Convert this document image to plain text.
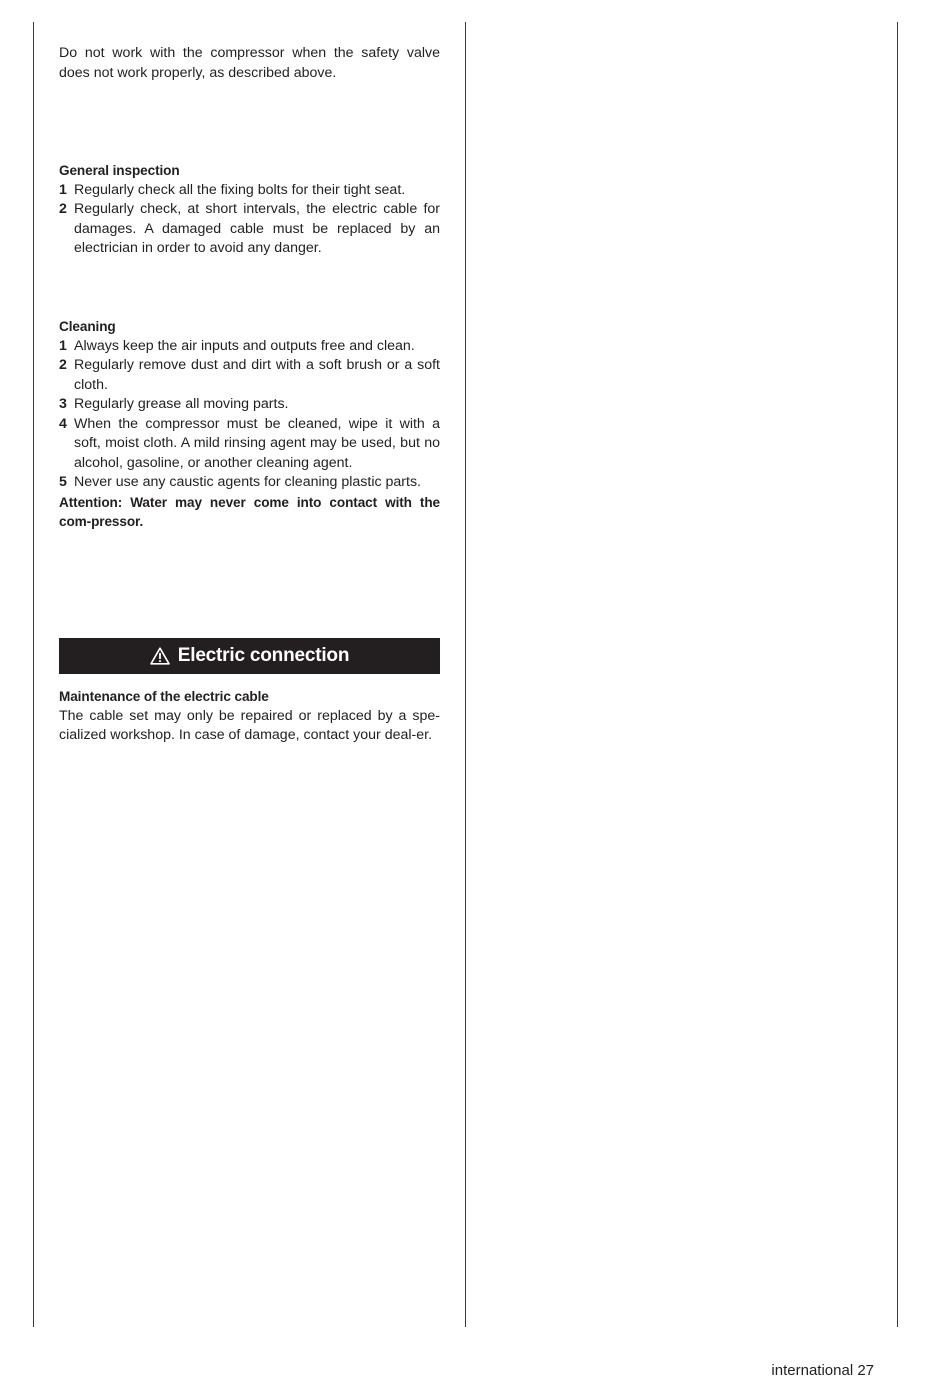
Do not work with the compressor when the safety valve does not work properly, as described above.

General inspection

1 Regularly check all the fixing bolts for their tight seat.
2 Regularly check, at short intervals, the electric cable for damages. A damaged cable must be replaced by an electrician in order to avoid any danger.

Cleaning

1 Always keep the air inputs and outputs free and clean.
2 Regularly remove dust and dirt with a soft brush or a soft cloth.
3 Regularly grease all moving parts.
4 When the compressor must be cleaned, wipe it with a soft, moist cloth. A mild rinsing agent may be used, but no alcohol, gasoline, or another cleaning agent.
5 Never use any caustic agents for cleaning plastic parts.

Attention: Water may never come into contact with the com-pressor.

Electric connection

Maintenance of the electric cable

The cable set may only be repaired or replaced by a spe-cialized workshop. In case of damage, contact your deal-er.

international 27
